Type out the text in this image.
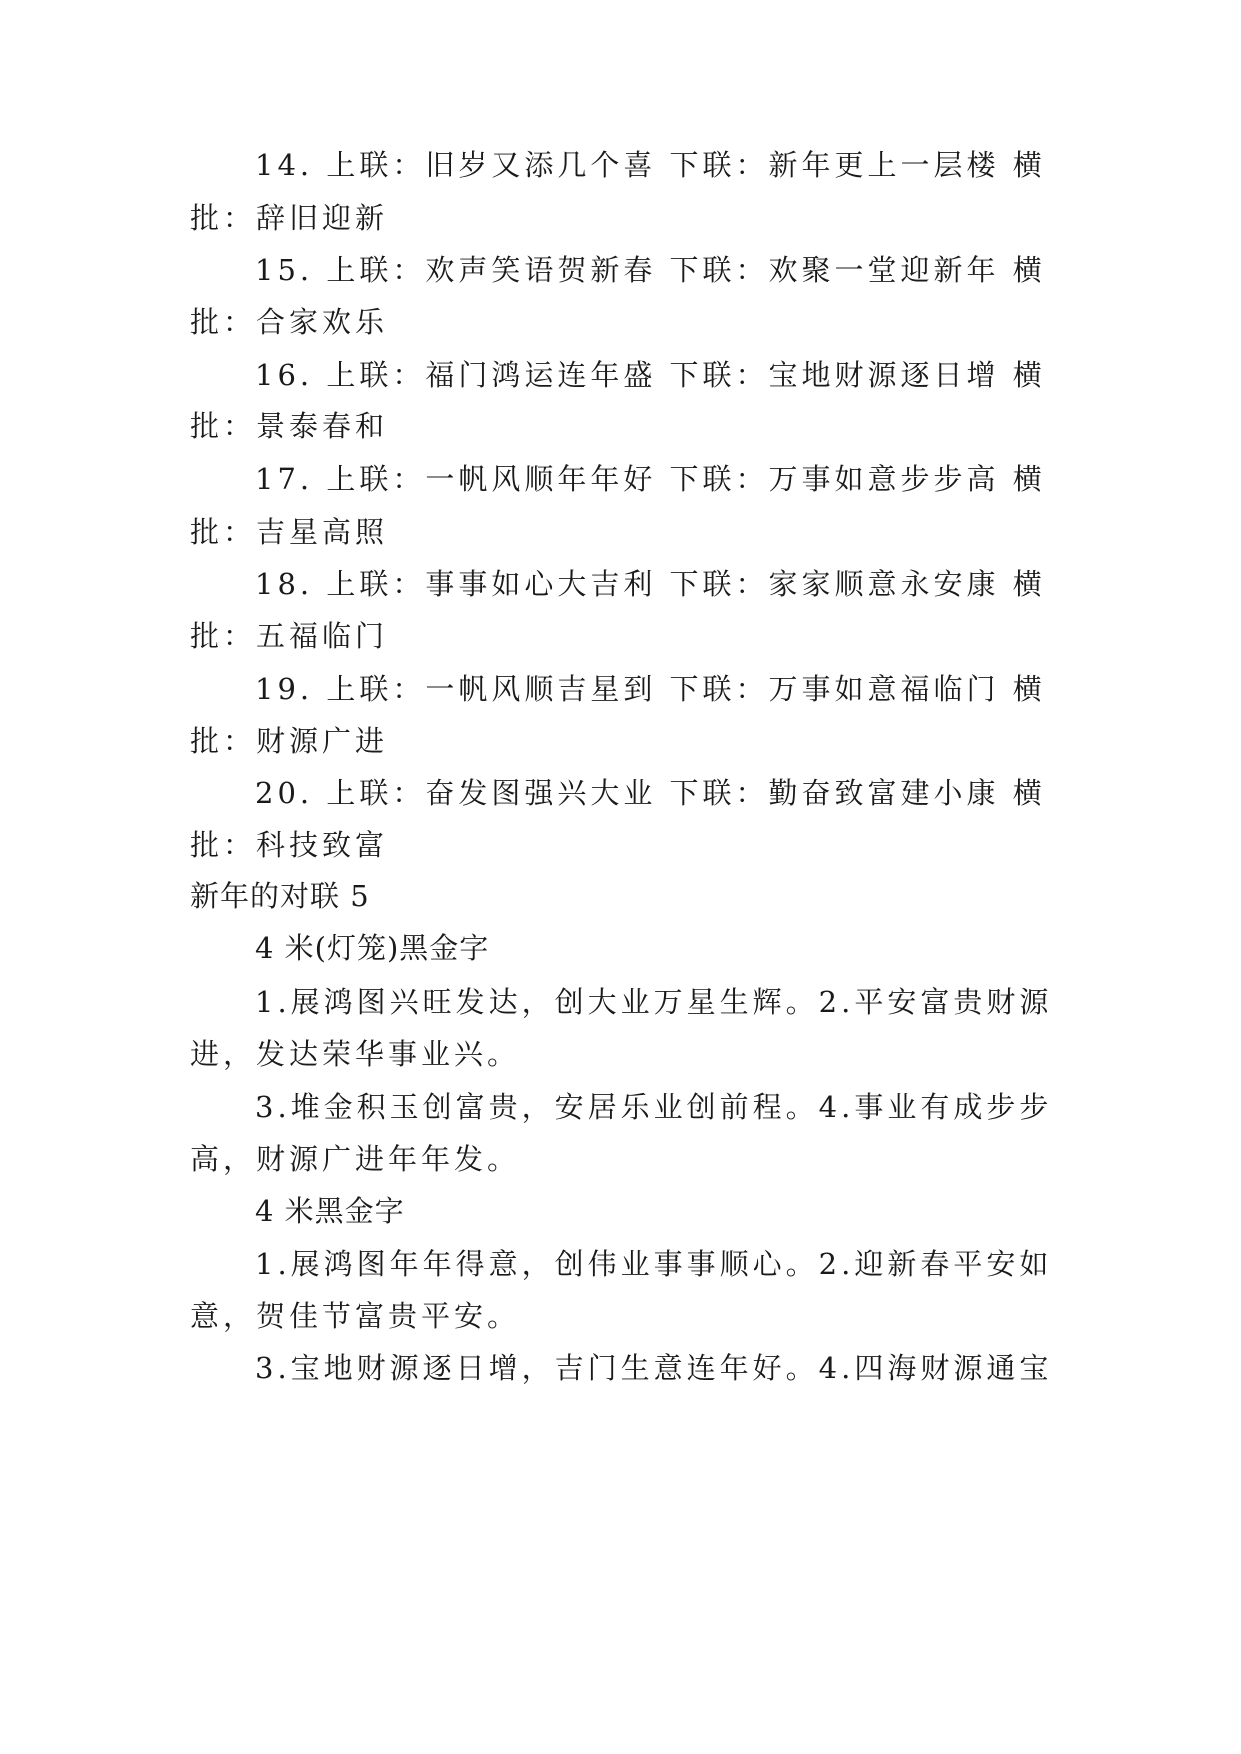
14. 上联：旧岁又添几个喜 下联：新年更上一层楼 横
批：辞旧迎新
15. 上联：欢声笑语贺新春 下联：欢聚一堂迎新年 横
批：合家欢乐
16. 上联：福门鸿运连年盛 下联：宝地财源逐日增 横
批：景泰春和
17. 上联：一帆风顺年年好 下联：万事如意步步高 横
批：吉星高照
18. 上联：事事如心大吉利 下联：家家顺意永安康 横
批：五福临门
19. 上联：一帆风顺吉星到 下联：万事如意福临门 横
批：财源广进
20. 上联：奋发图强兴大业 下联：勤奋致富建小康 横
批：科技致富
新年的对联 5
4 米(灯笼)黑金字
1.展鸿图兴旺发达，创大业万星生辉。2.平安富贵财源
进，发达荣华事业兴。
3.堆金积玉创富贵，安居乐业创前程。4.事业有成步步
高，财源广进年年发。
4 米黑金字
1.展鸿图年年得意，创伟业事事顺心。2.迎新春平安如
意，贺佳节富贵平安。
3.宝地财源逐日增，吉门生意连年好。4.四海财源通宝
